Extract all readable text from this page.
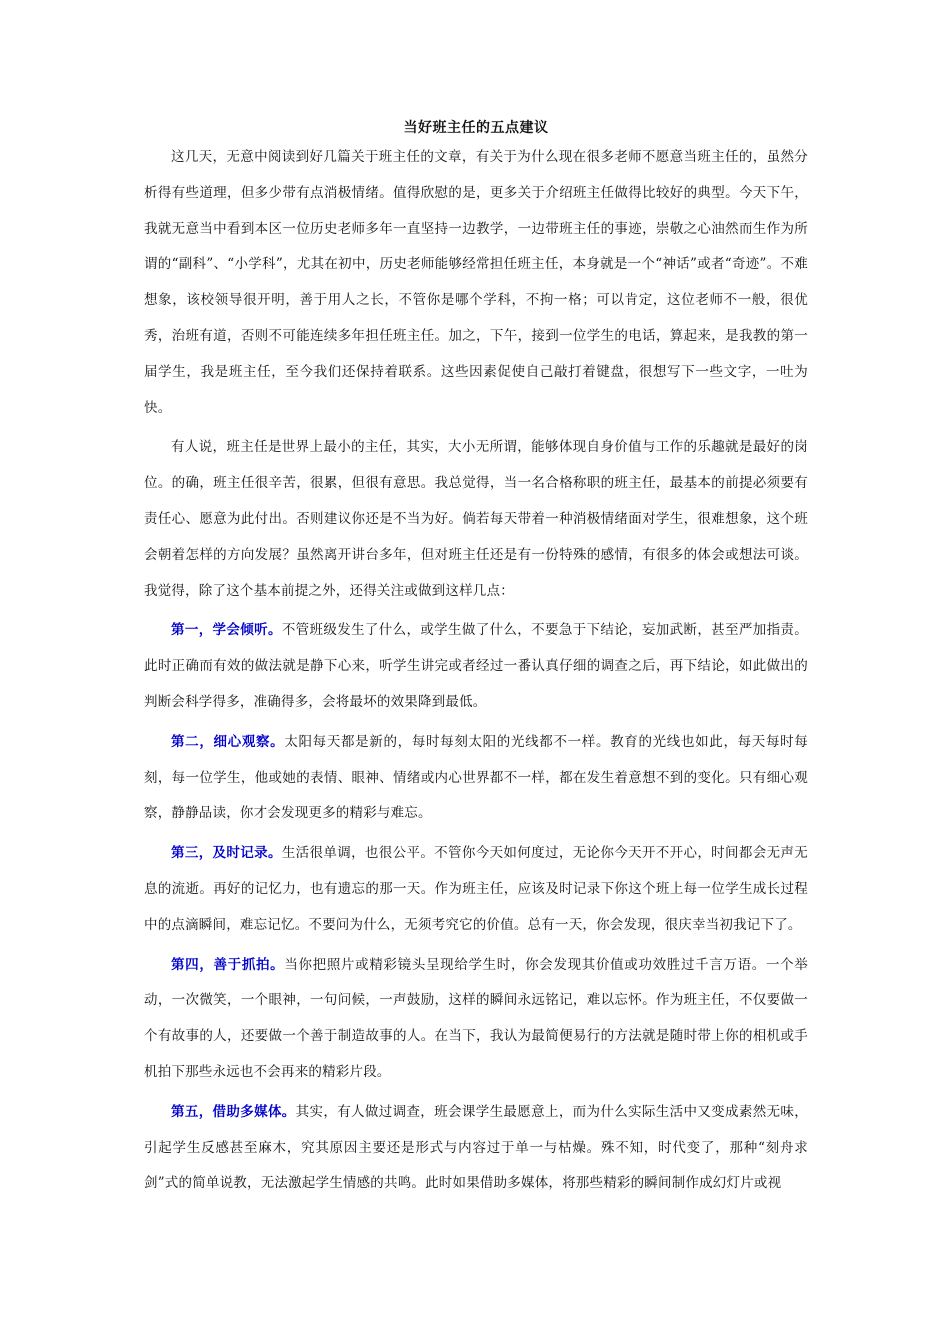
当好班主任的五点建议

这几天，无意中阅读到好几篇关于班主任的文章，有关于为什么现在很多老师不愿意当班主任的，虽然分析得有些道理，但多少带有点消极情绪。值得欣慰的是，更多关于介绍班主任做得比较好的典型。今天下午，我就无意当中看到本区一位历史老师多年一直坚持一边教学，一边带班主任的事迹，崇敬之心油然而生作为所谓的“副科”、“小学科”，尤其在初中，历史老师能够经常担任班主任，本身就是一个“神话”或者“奇迹”。不难想象，该校领导很开明，善于用人之长，不管你是哪个学科，不拘一格；可以肯定，这位老师不一般，很优秀，治班有道，否则不可能连续多年担任班主任。加之，下午，接到一位学生的电话，算起来，是我教的第一届学生，我是班主任，至今我们还保持着联系。这些因素促使自己敲打着键盘，很想写下一些文字，一吐为快。

有人说，班主任是世界上最小的主任，其实，大小无所谓，能够体现自身价值与工作的乐趣就是最好的岗位。的确，班主任很辛苦，很累，但很有意思。我总觉得，当一名合格称职的班主任，最基本的前提必须要有责任心、愿意为此付出。否则建议你还是不当为好。倘若每天带着一种消极情绪面对学生，很难想象，这个班会朝着怎样的方向发展？虽然离开讲台多年，但对班主任还是有一份特殊的感情，有很多的体会或想法可谈。我觉得，除了这个基本前提之外，还得关注或做到这样几点：

第一，学会倾听。不管班级发生了什么，或学生做了什么，不要急于下结论，妄加武断，甚至严加指责。此时正确而有效的做法就是静下心来，听学生讲完或者经过一番认真仔细的调查之后，再下结论，如此做出的判断会科学得多，准确得多，会将最坏的效果降到最低。

第二，细心观察。太阳每天都是新的，每时每刻太阳的光线都不一样。教育的光线也如此，每天每时每刻，每一位学生，他或她的表情、眼神、情绪或内心世界都不一样，都在发生着意想不到的变化。只有细心观察，静静品读，你才会发现更多的精彩与难忘。

第三，及时记录。生活很单调，也很公平。不管你今天如何度过，无论你今天开不开心，时间都会无声无息的流逝。再好的记忆力，也有遗忘的那一天。作为班主任，应该及时记录下你这个班上每一位学生成长过程中的点滴瞬间，难忘记忆。不要问为什么，无须考究它的价值。总有一天，你会发现，很庆幸当初我记下了。

第四，善于抓拍。当你把照片或精彩镜头呈现给学生时，你会发现其价值或功效胜过千言万语。一个举动，一次微笑，一个眼神，一句问候，一声鼓励，这样的瞬间永远铭记，难以忘怀。作为班主任，不仅要做一个有故事的人，还要做一个善于制造故事的人。在当下，我认为最简便易行的方法就是随时带上你的相机或手机拍下那些永远也不会再来的精彩片段。

第五，借助多媒体。其实，有人做过调查，班会课学生最愿意上，而为什么实际生活中又变成素然无味，引起学生反感甚至麻木，究其原因主要还是形式与内容过于单一与枯燥。殊不知，时代变了，那种“刻舟求剑”式的简单说教，无法激起学生情感的共鸣。此时如果借助多媒体，将那些精彩的瞬间制作成幻灯片或视
